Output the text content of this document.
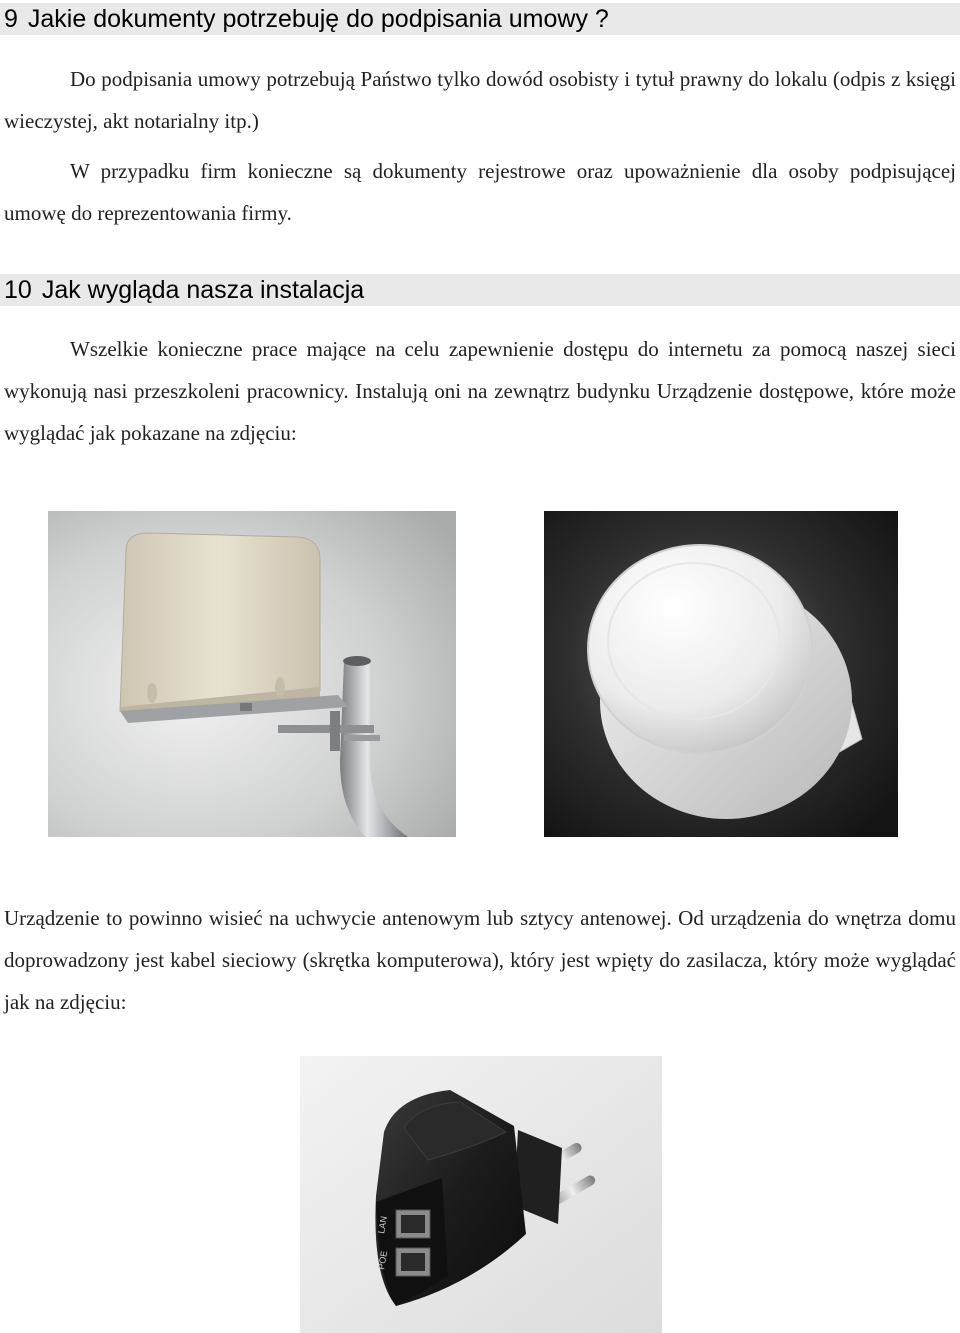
9 Jakie dokumenty potrzebuję do podpisania umowy ?

Do podpisania umowy potrzebują Państwo tylko dowód osobisty i tytuł prawny do lokalu (odpis z księgi wieczystej, akt notarialny itp.)

W przypadku firm konieczne są dokumenty rejestrowe oraz upoważnienie dla osoby podpisującej umowę do reprezentowania firmy.

10 Jak wygląda nasza instalacja

Wszelkie konieczne prace mające na celu zapewnienie dostępu do internetu za pomocą naszej sieci wykonują nasi przeszkoleni pracownicy. Instalują oni na zewnątrz budynku Urządzenie dostępowe, które może wyglądać jak pokazane na zdjęciu:

Urządzenie to powinno wisieć na uchwycie antenowym lub sztycy antenowej. Od urządzenia do wnętrza domu doprowadzony jest kabel sieciowy (skrętka komputerowa), który jest wpięty do zasilacza, który może wyglądać jak na zdjęciu:

LAN
POE
